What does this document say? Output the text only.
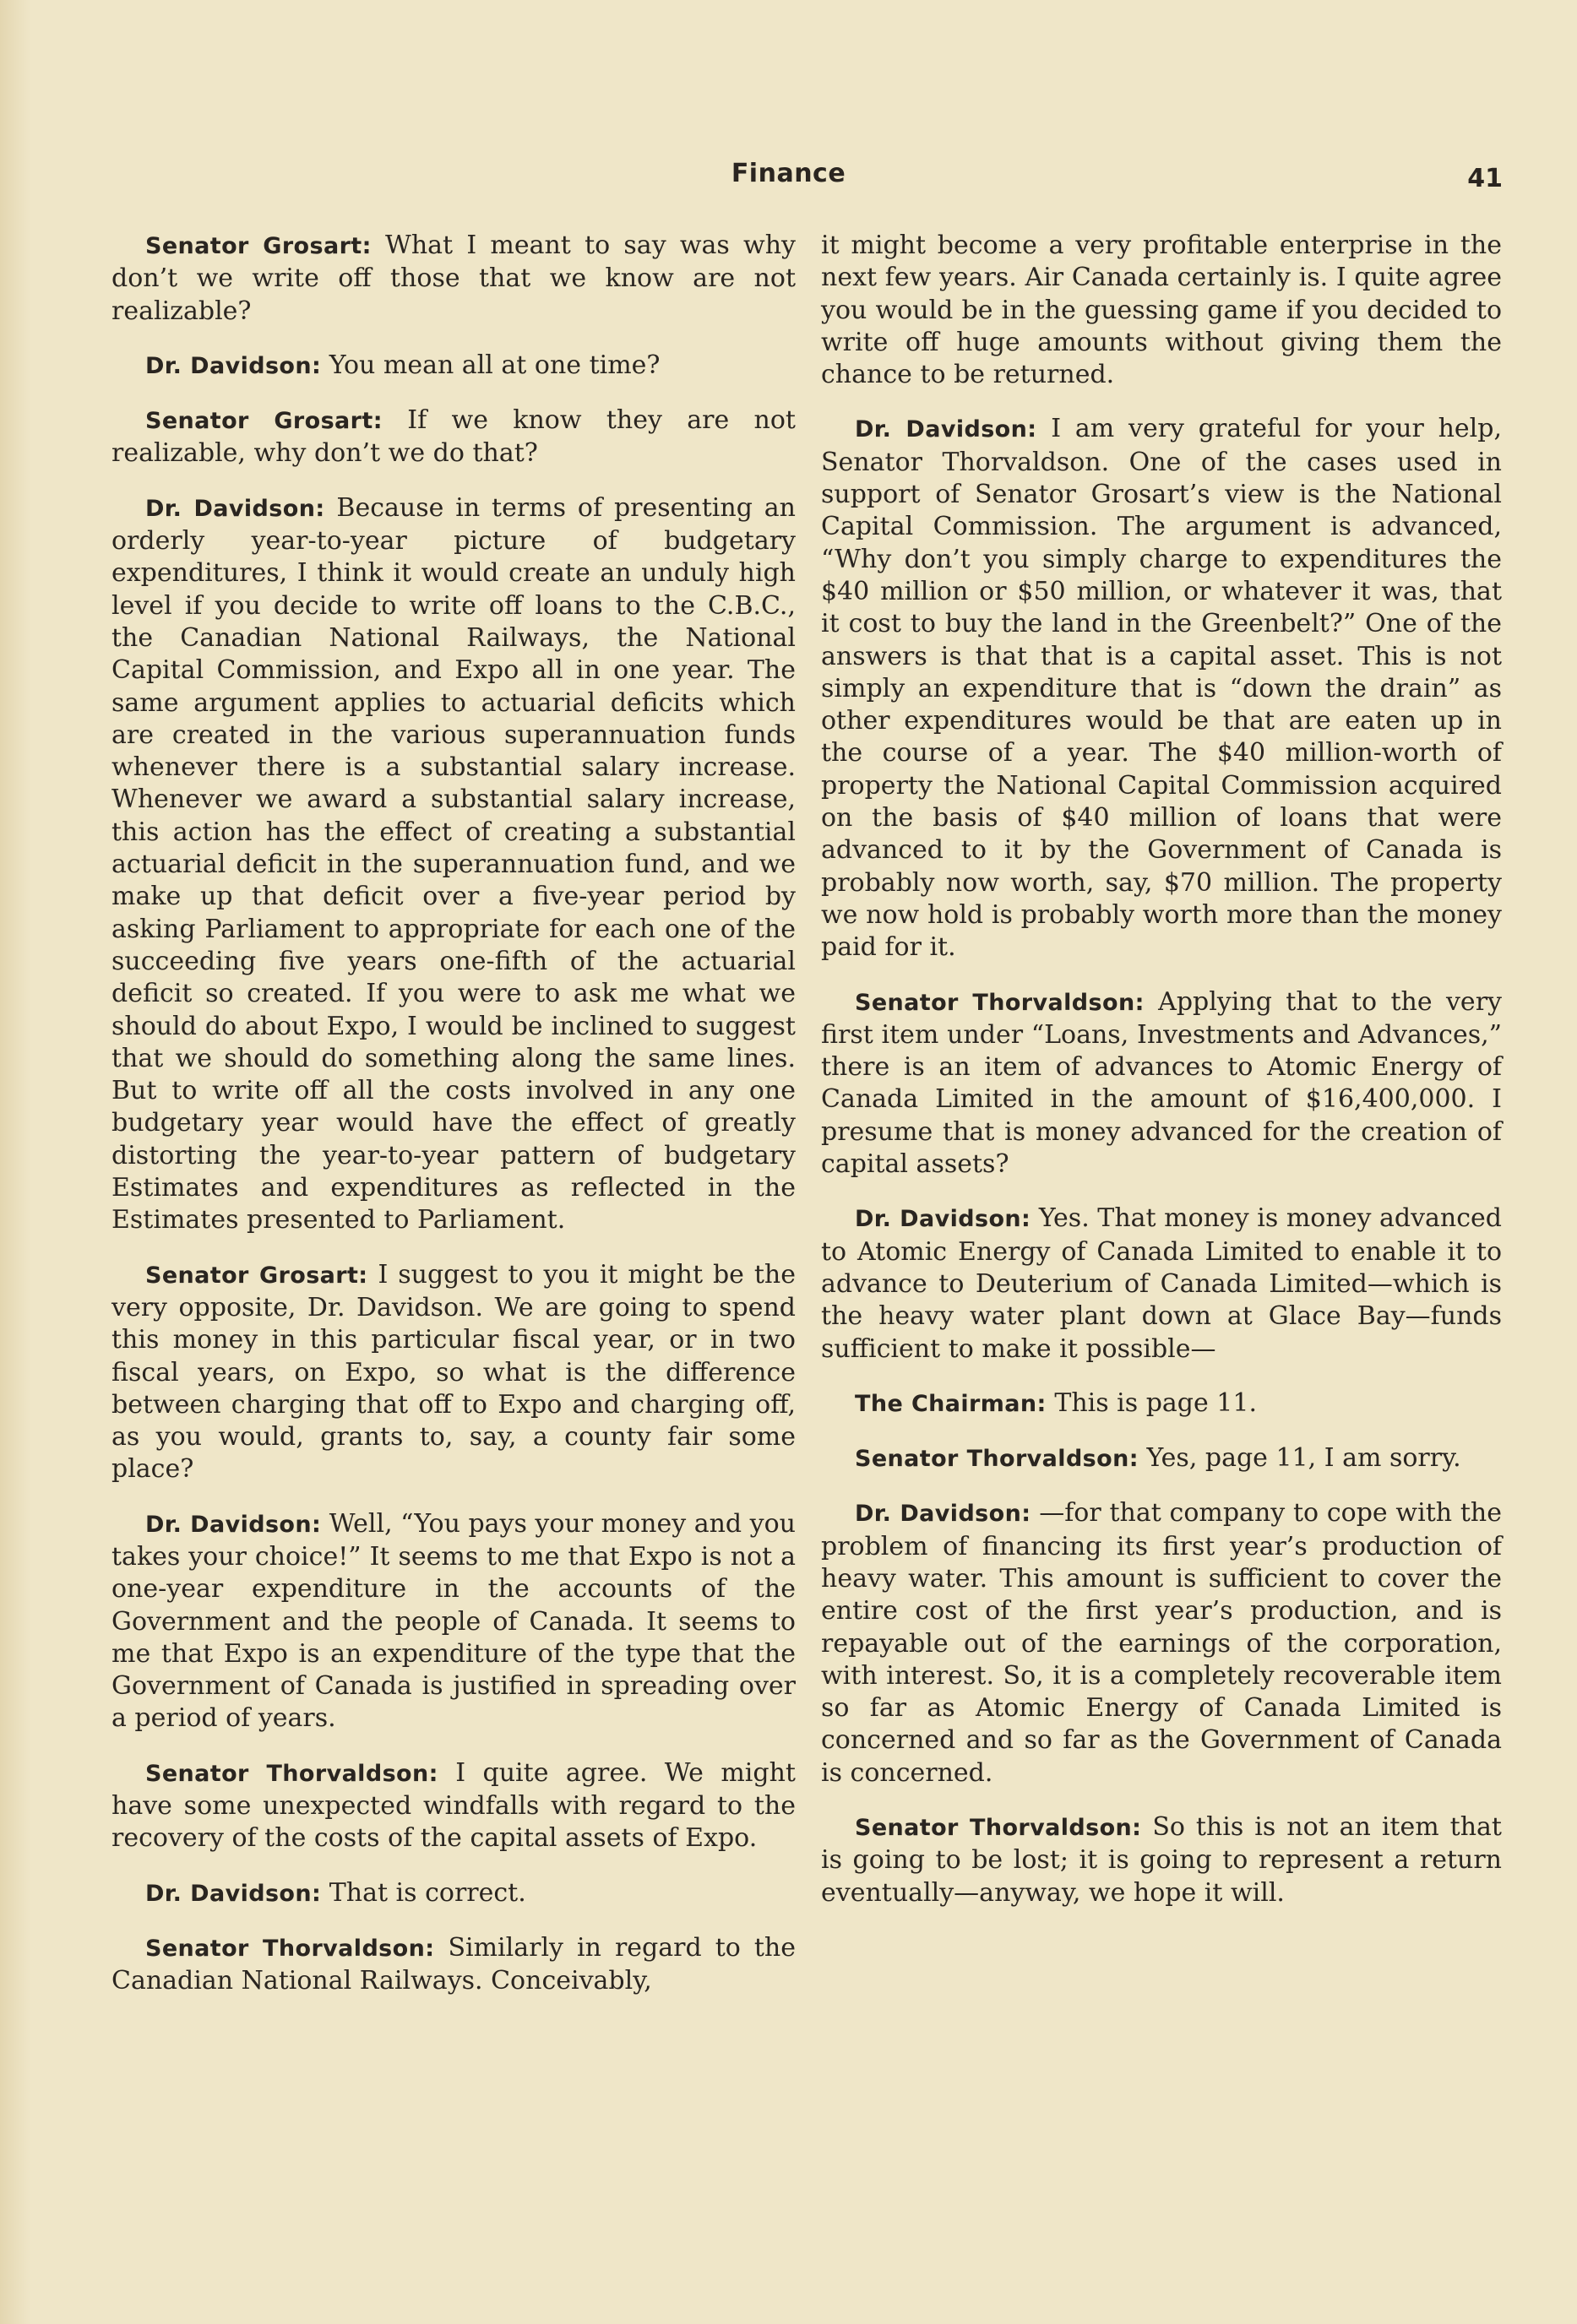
Finance	41

Senator Grosart: What I meant to say was why don’t we write off those that we know are not realizable?

Dr. Davidson: You mean all at one time?

Senator Grosart: If we know they are not realizable, why don’t we do that?

Dr. Davidson: Because in terms of presenting an orderly year-to-year picture of budgetary expenditures, I think it would create an unduly high level if you decide to write off loans to the C.B.C., the Canadian National Railways, the National Capital Commission, and Expo all in one year. The same argument applies to actuarial deficits which are created in the various superannuation funds whenever there is a substantial salary increase. Whenever we award a substantial salary increase, this action has the effect of creating a substantial actuarial deficit in the superannuation fund, and we make up that deficit over a five-year period by asking Parliament to appropriate for each one of the succeeding five years one-fifth of the actuarial deficit so created. If you were to ask me what we should do about Expo, I would be inclined to suggest that we should do something along the same lines. But to write off all the costs involved in any one budgetary year would have the effect of greatly distorting the year-to-year pattern of budgetary Estimates and expenditures as reflected in the Estimates presented to Parliament.

Senator Grosart: I suggest to you it might be the very opposite, Dr. Davidson. We are going to spend this money in this particular fiscal year, or in two fiscal years, on Expo, so what is the difference between charging that off to Expo and charging off, as you would, grants to, say, a county fair some place?

Dr. Davidson: Well, “You pays your money and you takes your choice!” It seems to me that Expo is not a one-year expenditure in the accounts of the Government and the people of Canada. It seems to me that Expo is an expenditure of the type that the Government of Canada is justified in spreading over a period of years.

Senator Thorvaldson: I quite agree. We might have some unexpected windfalls with regard to the recovery of the costs of the capital assets of Expo.

Dr. Davidson: That is correct.

Senator Thorvaldson: Similarly in regard to the Canadian National Railways. Conceivably,

it might become a very profitable enterprise in the next few years. Air Canada certainly is. I quite agree you would be in the guessing game if you decided to write off huge amounts without giving them the chance to be returned.

Dr. Davidson: I am very grateful for your help, Senator Thorvaldson. One of the cases used in support of Senator Grosart’s view is the National Capital Commission. The argument is advanced, “Why don’t you simply charge to expenditures the $40 million or $50 million, or whatever it was, that it cost to buy the land in the Greenbelt?” One of the answers is that that is a capital asset. This is not simply an expenditure that is “down the drain” as other expenditures would be that are eaten up in the course of a year. The $40 million-worth of property the National Capital Commission acquired on the basis of $40 million of loans that were advanced to it by the Government of Canada is probably now worth, say, $70 million. The property we now hold is probably worth more than the money paid for it.

Senator Thorvaldson: Applying that to the very first item under “Loans, Investments and Advances,” there is an item of advances to Atomic Energy of Canada Limited in the amount of $16,400,000. I presume that is money advanced for the creation of capital assets?

Dr. Davidson: Yes. That money is money advanced to Atomic Energy of Canada Limited to enable it to advance to Deuterium of Canada Limited—which is the heavy water plant down at Glace Bay—funds sufficient to make it possible—

The Chairman: This is page 11.

Senator Thorvaldson: Yes, page 11, I am sorry.

Dr. Davidson: —for that company to cope with the problem of financing its first year’s production of heavy water. This amount is sufficient to cover the entire cost of the first year’s production, and is repayable out of the earnings of the corporation, with interest. So, it is a completely recoverable item so far as Atomic Energy of Canada Limited is concerned and so far as the Government of Canada is concerned.

Senator Thorvaldson: So this is not an item that is going to be lost; it is going to represent a return eventually—anyway, we hope it will.
